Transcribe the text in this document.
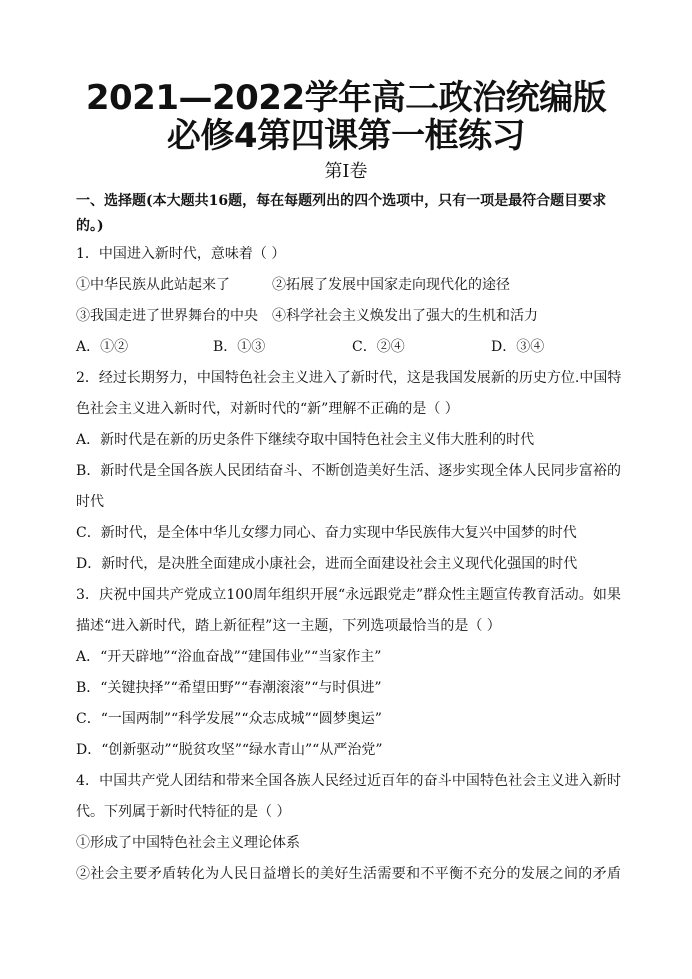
2021—2022学年高二政治统编版
必修4第四课第一框练习
第Ⅰ卷
一、选择题(本大题共16题，每在每题列出的四个选项中，只有一项是最符合题目要求
的。)
1．中国进入新时代，意味着（ ）
①中华民族从此站起来了	②拓展了发展中国家走向现代化的途径
③我国走进了世界舞台的中央 ④科学社会主义焕发出了强大的生机和活力
A．①②	B．①③	C．②④	D．③④
2．经过长期努力，中国特色社会主义进入了新时代，这是我国发展新的历史方位.中国特
色社会主义进入新时代，对新时代的“新”理解不正确的是（ ）
A．新时代是在新的历史条件下继续夺取中国特色社会主义伟大胜利的时代
B．新时代是全国各族人民团结奋斗、不断创造美好生活、逐步实现全体人民同步富裕的
时代
C．新时代，是全体中华儿女缪力同心、奋力实现中华民族伟大复兴中国梦的时代
D．新时代，是决胜全面建成小康社会，进而全面建设社会主义现代化强国的时代
3．庆祝中国共产党成立100周年组织开展“永远跟党走”群众性主题宣传教育活动。如果
描述“进入新时代，踏上新征程”这一主题，下列选项最恰当的是（ ）
A．“开天辟地”“浴血奋战”“建国伟业”“当家作主”
B．“关键抉择”“希望田野”“春潮滚滚”“与时俱进”
C．“一国两制”“科学发展”“众志成城”“圆梦奥运”
D．“创新驱动”“脱贫攻坚”“绿水青山”“从严治党”
4．中国共产党人团结和带来全国各族人民经过近百年的奋斗中国特色社会主义进入新时
代。下列属于新时代特征的是（ ）
①形成了中国特色社会主义理论体系
②社会主要矛盾转化为人民日益增长的美好生活需要和不平衡不充分的发展之间的矛盾
